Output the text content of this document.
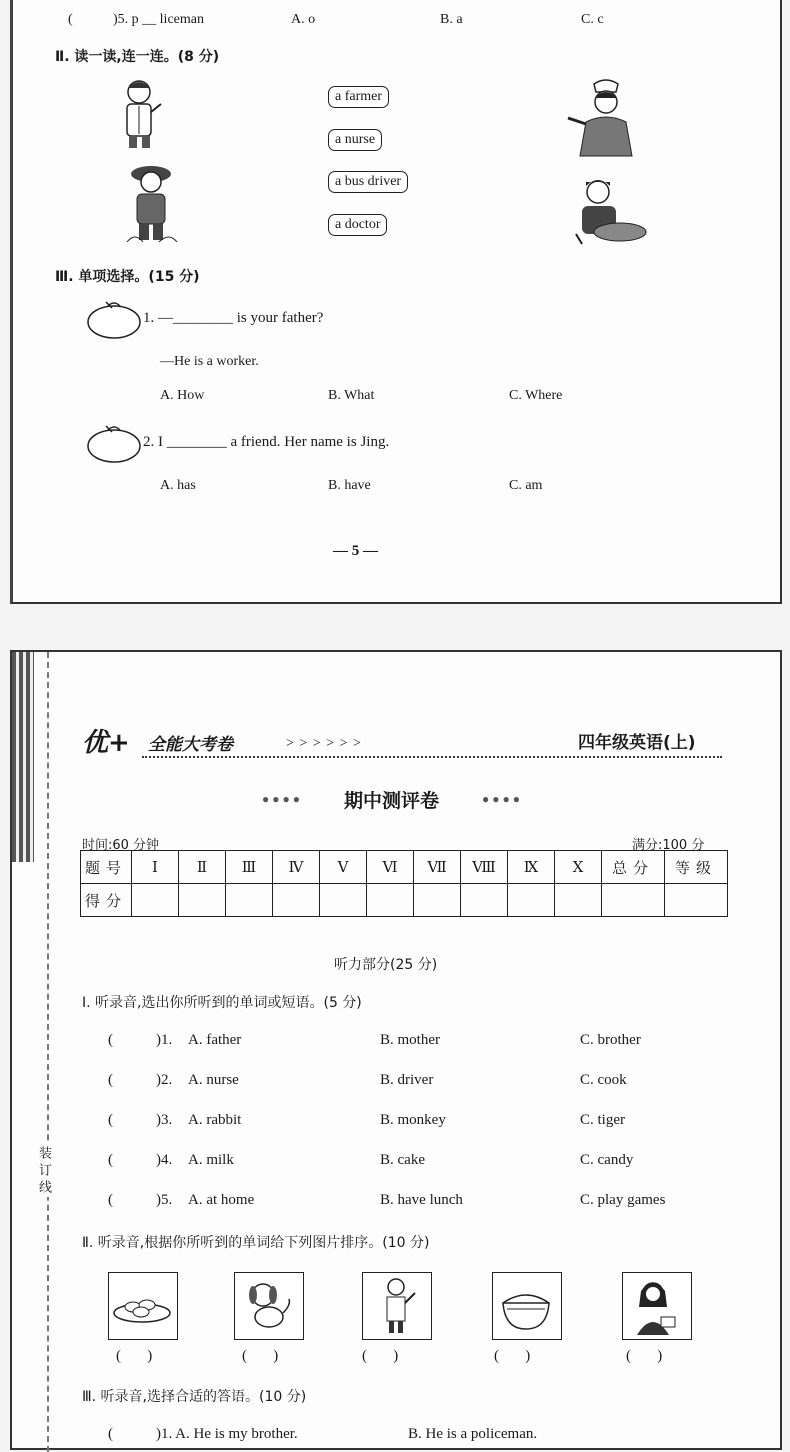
(	)5. p __ liceman	A. o	B. a	C. c
Ⅱ. 读一读,连一连。(8 分)
a farmer
a nurse
a bus driver
a doctor
Ⅲ. 单项选择。(15 分)
1. —________ is your father?
—He is a worker.
A. How	B. What	C. Where
2. I ________ a friend. Her name is Jing.
A. has	B. have	C. am
— 5 —
装 订 线
优+ 全能大考卷	> > > > > >	四年级英语(上)
● ● ● ● 期中测评卷	● ● ● ●
时间:60 分钟	满分:100 分
题号	Ⅰ	Ⅱ	Ⅲ	Ⅳ	Ⅴ	Ⅵ	Ⅶ	Ⅷ	Ⅸ	Ⅹ	总分	等级
得分												
听力部分(25 分)
Ⅰ. 听录音,选出你所听到的单词或短语。(5 分)
(	)1. A. father	B. mother	C. brother
(	)2. A. nurse	B. driver	C. cook
(	)3. A. rabbit	B. monkey	C. tiger
(	)4. A. milk	B. cake	C. candy
(	)5. A. at home	B. have lunch	C. play games
Ⅱ. 听录音,根据你所听到的单词给下列图片排序。(10 分)
(       )	(       )	(       )	(       )	(       )
Ⅲ. 听录音,选择合适的答语。(10 分)
(	)1. A. He is my brother.	B. He is a policeman.
